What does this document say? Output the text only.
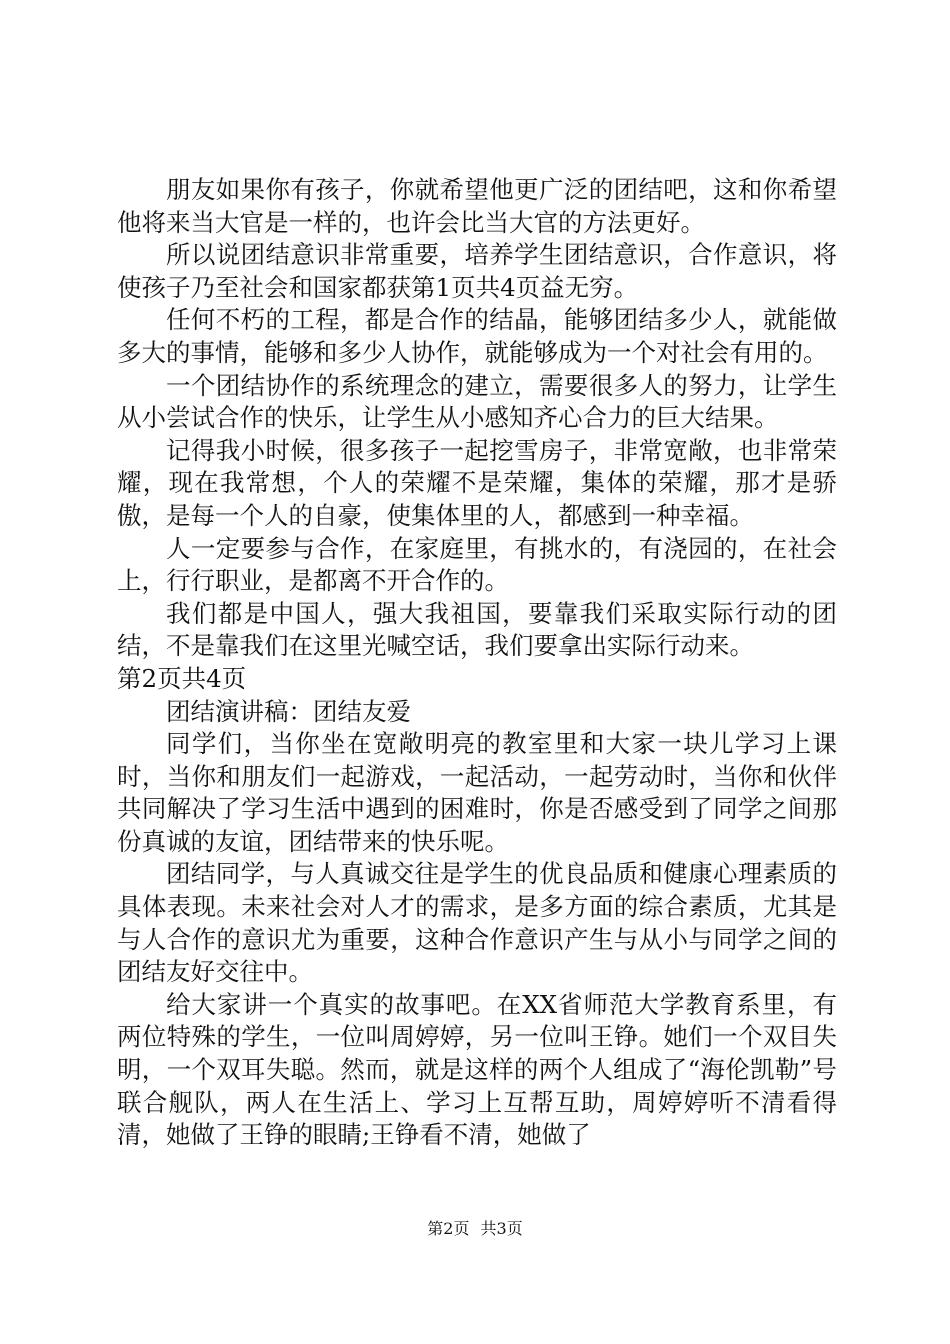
朋友如果你有孩子，你就希望他更广泛的团结吧，这和你希望他将来当大官是一样的，也许会比当大官的方法更好。

所以说团结意识非常重要，培养学生团结意识，合作意识，将使孩子乃至社会和国家都获第1页共4页益无穷。

任何不朽的工程，都是合作的结晶，能够团结多少人，就能做多大的事情，能够和多少人协作，就能够成为一个对社会有用的。

一个团结协作的系统理念的建立，需要很多人的努力，让学生从小尝试合作的快乐，让学生从小感知齐心合力的巨大结果。

记得我小时候，很多孩子一起挖雪房子，非常宽敞，也非常荣耀，现在我常想，个人的荣耀不是荣耀，集体的荣耀，那才是骄傲，是每一个人的自豪，使集体里的人，都感到一种幸福。

人一定要参与合作，在家庭里，有挑水的，有浇园的，在社会上，行行职业，是都离不开合作的。

我们都是中国人，强大我祖国，要靠我们采取实际行动的团结，不是靠我们在这里光喊空话，我们要拿出实际行动来。

第2页共4页

团结演讲稿：团结友爱

同学们，当你坐在宽敞明亮的教室里和大家一块儿学习上课时，当你和朋友们一起游戏，一起活动，一起劳动时，当你和伙伴共同解决了学习生活中遇到的困难时，你是否感受到了同学之间那份真诚的友谊，团结带来的快乐呢。

团结同学，与人真诚交往是学生的优良品质和健康心理素质的具体表现。未来社会对人才的需求，是多方面的综合素质，尤其是与人合作的意识尤为重要，这种合作意识产生与从小与同学之间的团结友好交往中。

给大家讲一个真实的故事吧。在XX省师范大学教育系里，有两位特殊的学生，一位叫周婷婷，另一位叫王铮。她们一个双目失明，一个双耳失聪。然而，就是这样的两个人组成了“海伦凯勒”号联合舰队，两人在生活上、学习上互帮互助，周婷婷听不清看得清，她做了王铮的眼睛;王铮看不清，她做了

第2页 共3页
